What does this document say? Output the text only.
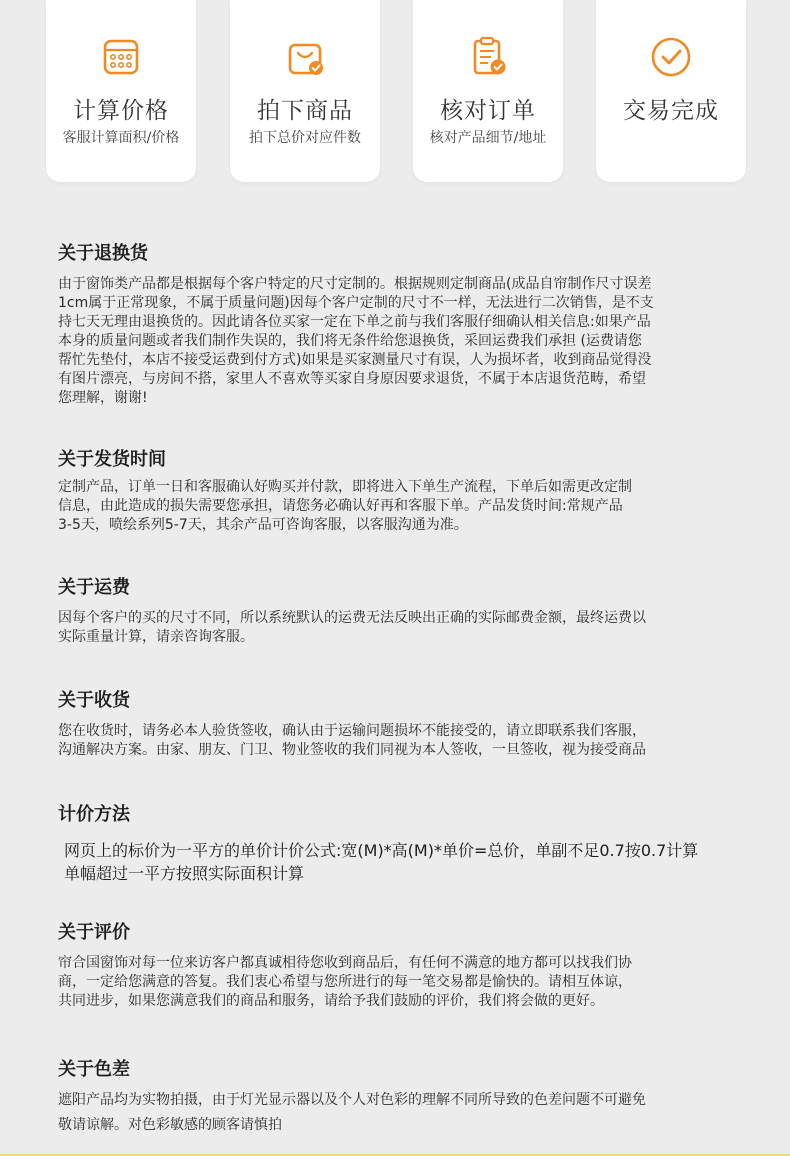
计算价格
客服计算面积/价格
拍下商品
拍下总价对应件数
核对订单
核对产品细节/地址
交易完成
关于退换货

由于窗饰类产品都是根据每个客户特定的尺寸定制的。根据规则定制商品(成品自帘制作尺寸误差
1cm属于正常现象，不属于质量问题)因每个客户定制的尺寸不一样，无法进行二次销售，是不支
持七天无理由退换货的。因此请各位买家一定在下单之前与我们客服仔细确认相关信息:如果产品
本身的质量问题或者我们制作失误的，我们将无条件给您退换货，采回运费我们承担 (运费请您
帮忙先垫付，本店不接受运费到付方式)如果是买家测量尺寸有误，人为损坏者，收到商品觉得没
有图片漂亮，与房间不搭，家里人不喜欢等买家自身原因要求退货，不属于本店退货范畴，希望
您理解，谢谢!

关于发货时间

定制产品，订单一日和客服确认好购买并付款，即将进入下单生产流程，下单后如需更改定制
信息，由此造成的损失需要您承担，请您务必确认好再和客服下单。产品发货时间:常规产品
3-5天，喷绘系列5-7天，其余产品可咨询客服，以客服沟通为准。

关于运费

因每个客户的买的尺寸不同，所以系统默认的运费无法反映出正确的实际邮费金额，最终运费以
实际重量计算，请亲咨询客服。

关于收货

您在收货时，请务必本人验货签收，确认由于运输问题损坏不能接受的，请立即联系我们客服，
沟通解决方案。由家、朋友、门卫、物业签收的我们同视为本人签收，一旦签收，视为接受商品

计价方法

网页上的标价为一平方的单价计价公式:宽(M)*高(M)*单价=总价，单副不足0.7按0.7计算
单幅超过一平方按照实际面积计算

关于评价

帘合国窗饰对每一位来访客户都真诚相待您收到商品后，有任何不满意的地方都可以找我们协
商，一定给您满意的答复。我们衷心希望与您所进行的每一笔交易都是愉快的。请相互体谅，
共同进步，如果您满意我们的商品和服务，请给予我们鼓励的评价，我们将会做的更好。

关于色差

遮阳产品均为实物拍摄，由于灯光显示器以及个人对色彩的理解不同所导致的色差问题不可避免
敬请谅解。对色彩敏感的顾客请慎拍
